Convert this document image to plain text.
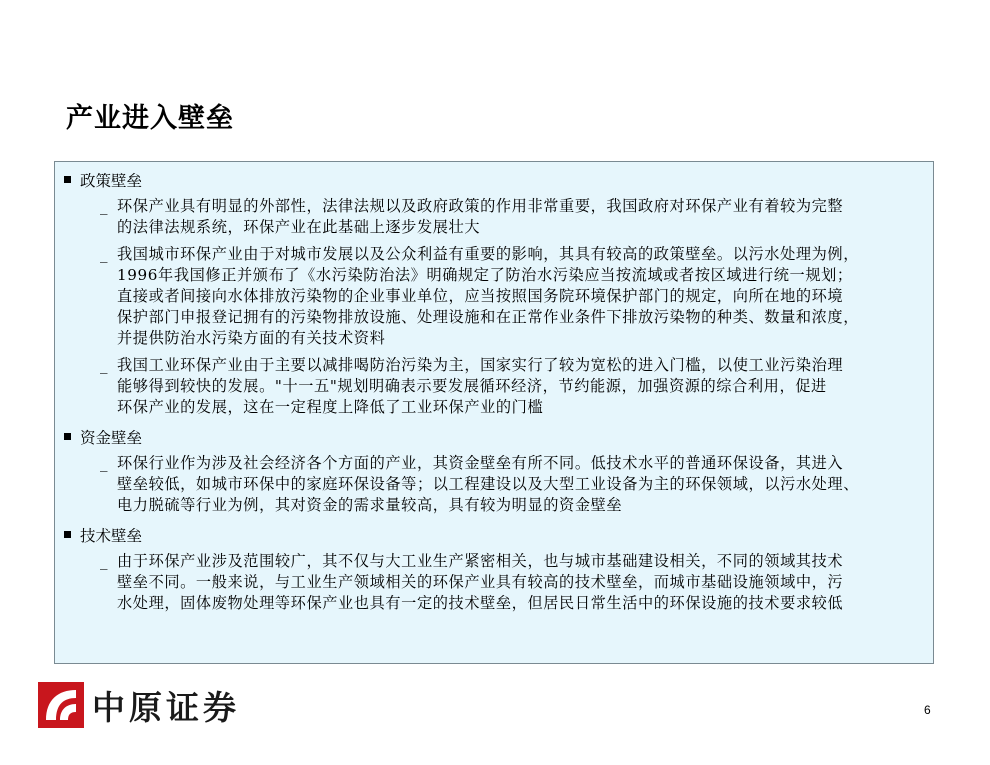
产业进入壁垒
政策壁垒
_ 环保产业具有明显的外部性，法律法规以及政府政策的作用非常重要，我国政府对环保产业有着较为完整
的法律法规系统，环保产业在此基础上逐步发展壮大
_ 我国城市环保产业由于对城市发展以及公众利益有重要的影响，其具有较高的政策壁垒。以污水处理为例，
1996年我国修正并颁布了《水污染防治法》明确规定了防治水污染应当按流域或者按区域进行统一规划；
直接或者间接向水体排放污染物的企业事业单位，应当按照国务院环境保护部门的规定，向所在地的环境
保护部门申报登记拥有的污染物排放设施、处理设施和在正常作业条件下排放污染物的种类、数量和浓度，
并提供防治水污染方面的有关技术资料
_ 我国工业环保产业由于主要以减排喝防治污染为主，国家实行了较为宽松的进入门槛，以使工业污染治理
能够得到较快的发展。"十一五"规划明确表示要发展循环经济，节约能源，加强资源的综合利用，促进
环保产业的发展，这在一定程度上降低了工业环保产业的门槛
资金壁垒
_ 环保行业作为涉及社会经济各个方面的产业，其资金壁垒有所不同。低技术水平的普通环保设备，其进入
壁垒较低，如城市环保中的家庭环保设备等；以工程建设以及大型工业设备为主的环保领域，以污水处理、
电力脱硫等行业为例，其对资金的需求量较高，具有较为明显的资金壁垒
技术壁垒
_ 由于环保产业涉及范围较广，其不仅与大工业生产紧密相关，也与城市基础建设相关，不同的领域其技术
壁垒不同。一般来说，与工业生产领域相关的环保产业具有较高的技术壁垒，而城市基础设施领域中，污
水处理，固体废物处理等环保产业也具有一定的技术壁垒，但居民日常生活中的环保设施的技术要求较低
中原证券	6
